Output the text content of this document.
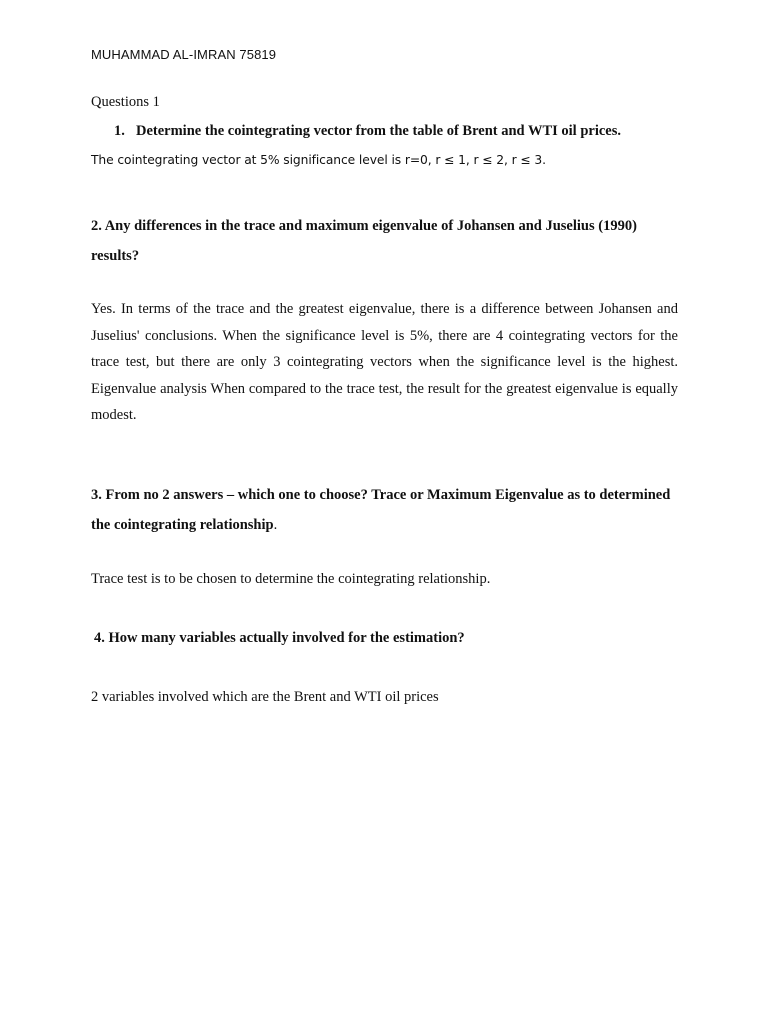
MUHAMMAD AL-IMRAN 75819

Questions 1

1. Determine the cointegrating vector from the table of Brent and WTI oil prices.

The cointegrating vector at 5% significance level is r=0, r ≤ 1, r ≤ 2, r ≤ 3.

2. Any differences in the trace and maximum eigenvalue of Johansen and Juselius (1990) results?

Yes. In terms of the trace and the greatest eigenvalue, there is a difference between Johansen and Juselius' conclusions. When the significance level is 5%, there are 4 cointegrating vectors for the trace test, but there are only 3 cointegrating vectors when the significance level is the highest. Eigenvalue analysis When compared to the trace test, the result for the greatest eigenvalue is equally modest.

3. From no 2 answers – which one to choose? Trace or Maximum Eigenvalue as to determined the cointegrating relationship.

Trace test is to be chosen to determine the cointegrating relationship.

4. How many variables actually involved for the estimation?

2 variables involved which are the Brent and WTI oil prices
